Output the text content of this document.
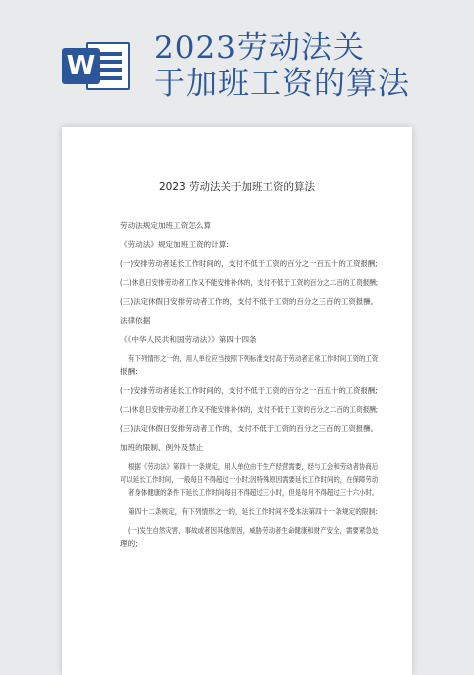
W 2023劳动法关
于加班工资的算法
2023 劳动法关于加班工资的算法
劳动法规定加班工资怎么算
《劳动法》规定加班工资的计算:
(一)安排劳动者延长工作时间的，支付不低于工资的百分之一百五十的工资报酬;
(二)休息日安排劳动者工作又不能安排补休的，支付不低于工资的百分之二百的工资报酬;
(三)法定休假日安排劳动者工作的，支付不低于工资的百分之三百的工资报酬。
法律依据
《《中华人民共和国劳动法》》第四十四条
有下列情形之一的，用人单位应当按照下列标准支付高于劳动者正常工作时间工资的工资
报酬:
(一)安排劳动者延长工作时间的，支付不低于工资的百分之一百五十的工资报酬;
(二)休息日安排劳动者工作又不能安排补休的，支付不低于工资的百分之二百的工资报酬;
(三)法定休假日安排劳动者工作的，支付不低于工资的百分之三百的工资报酬。
加班的限制、例外及禁止
根据《劳动法》第四十一条规定，用人单位由于生产经营需要，经与工会和劳动者协商后
可以延长工作时间，一般每日不得超过一小时;因特殊原因需要延长工作时间的，在保障劳动
者身体健康的条件下延长工作时间每日不得超过三小时，但是每月不得超过三十六小时。
第四十二条规定，有下列情形之一的，延长工作时间不受本法第四十一条规定的限制:
(一)发生自然灾害、事故或者因其他原因，威胁劳动者生命健康和财产安全，需要紧急处
理的;
